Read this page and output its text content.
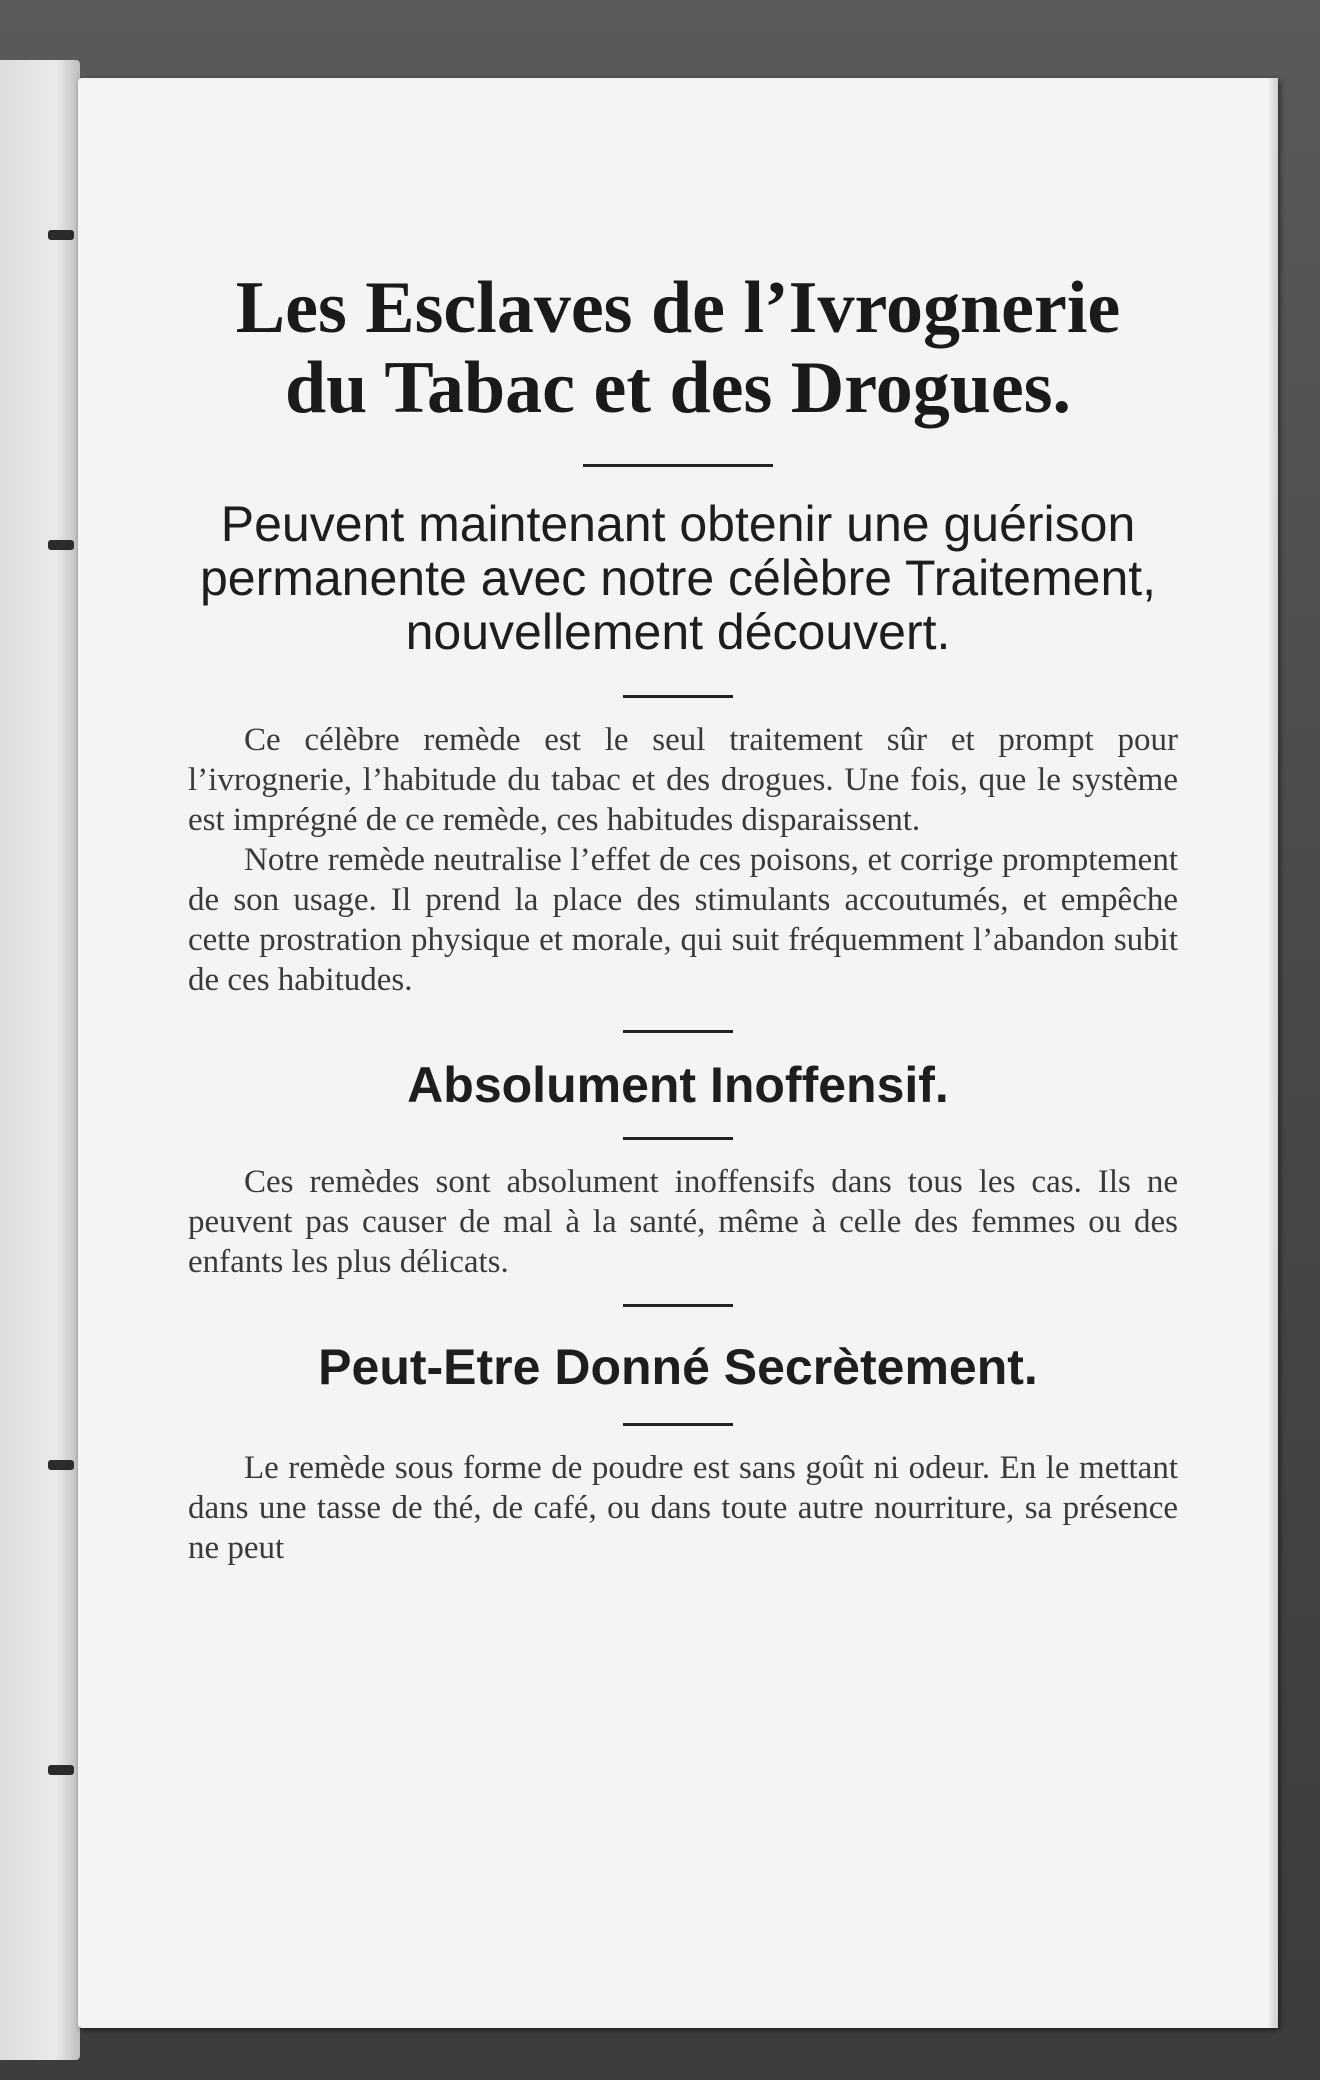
Les Esclaves de l’Ivrognerie du Tabac et des Drogues.

Peuvent maintenant obtenir une guérison permanente avec notre célèbre Traitement, nouvellement découvert.

Ce célèbre remède est le seul traitement sûr et prompt pour l’ivrognerie, l’habitude du tabac et des drogues. Une fois, que le système est imprégné de ce remède, ces habitudes disparaissent.

Notre remède neutralise l’effet de ces poisons, et corrige promptement de son usage. Il prend la place des stimulants accoutumés, et empêche cette prostration physique et morale, qui suit fréquemment l’abandon subit de ces habitudes.

Absolument Inoffensif.

Ces remèdes sont absolument inoffensifs dans tous les cas. Ils ne peuvent pas causer de mal à la santé, même à celle des femmes ou des enfants les plus délicats.

Peut-Etre Donné Secrètement.

Le remède sous forme de poudre est sans goût ni odeur. En le mettant dans une tasse de thé, de café, ou dans toute autre nourriture, sa présence ne peut
